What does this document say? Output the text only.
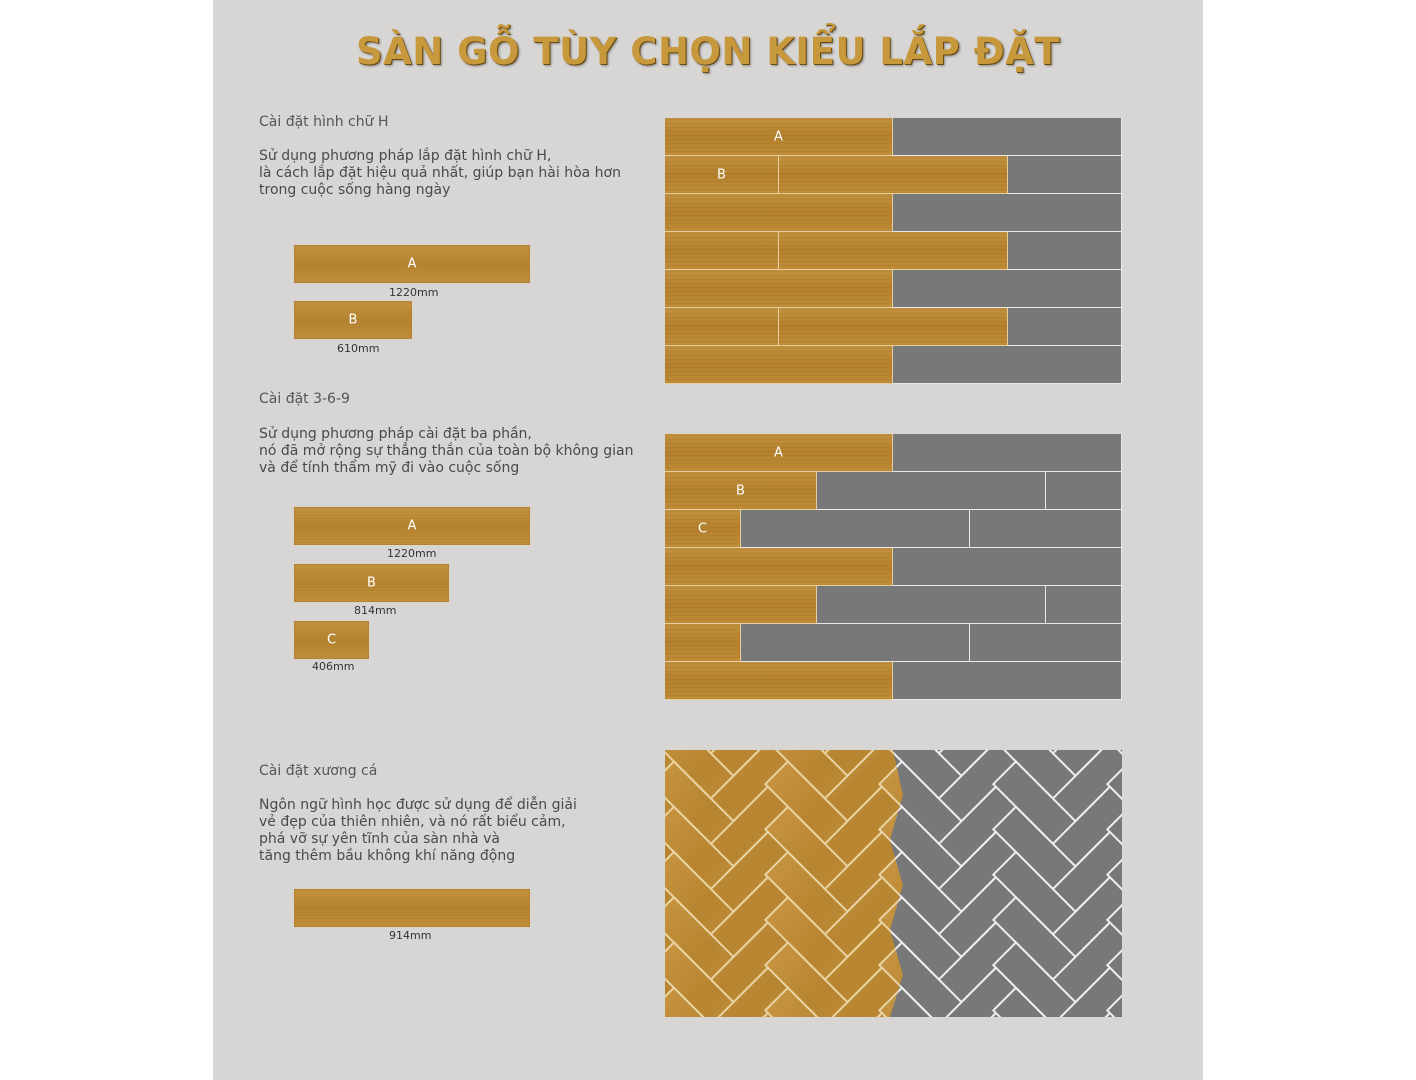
SÀN GỖ TÙY CHỌN KIỂU LẮP ĐẶT
Cài đặt hình chữ H
Sử dụng phương pháp lắp đặt hình chữ H,
là cách lắp đặt hiệu quả nhất, giúp bạn hài hòa hơn
trong cuộc sống hàng ngày
A
1220mm
B
610mm
A
B
Cài đặt 3-6-9
Sử dụng phương pháp cài đặt ba phần,
nó đã mở rộng sự thẳng thắn của toàn bộ không gian
và để tính thẩm mỹ đi vào cuộc sống
A
1220mm
B
814mm
C
406mm
A
B
C
Cài đặt xương cá
Ngôn ngữ hình học được sử dụng để diễn giải
vẻ đẹp của thiên nhiên, và nó rất biểu cảm,
phá vỡ sự yên tĩnh của sàn nhà và
tăng thêm bầu không khí năng động
914mm
